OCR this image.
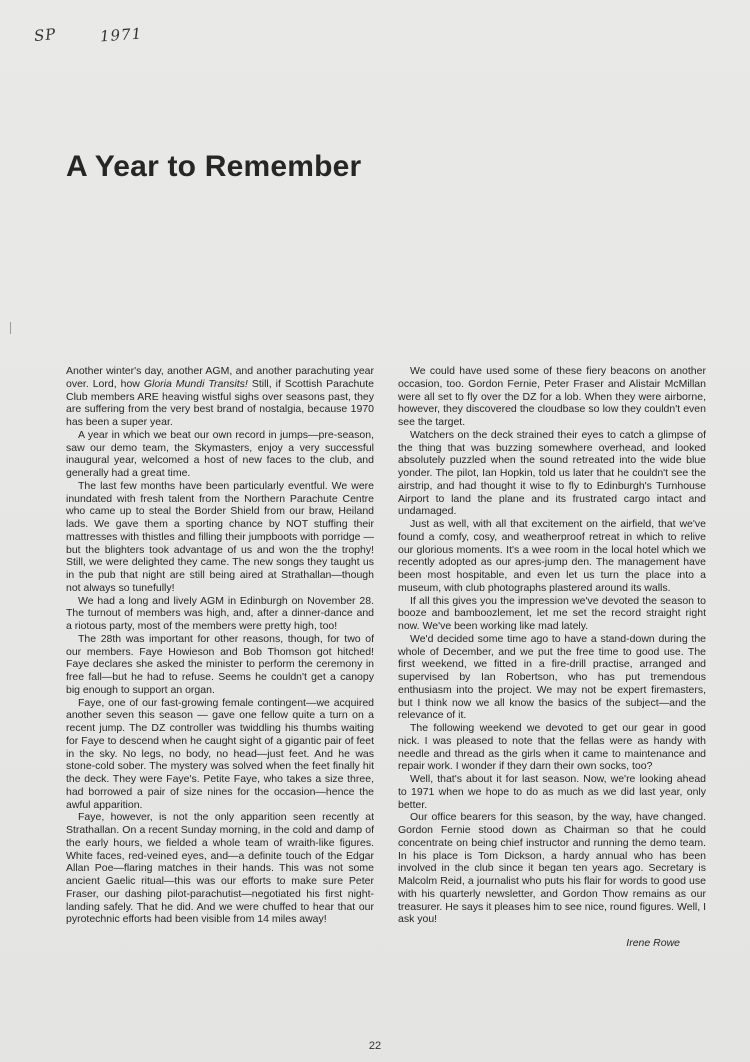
SP	1971
A Year to Remember

Another winter's day, another AGM, and another parachuting year over. Lord, how Gloria Mundi Transits! Still, if Scottish Parachute Club members ARE heaving wistful sighs over seasons past, they are suffering from the very best brand of nostalgia, because 1970 has been a super year.

A year in which we beat our own record in jumps—pre-season, saw our demo team, the Skymasters, enjoy a very successful inaugural year, welcomed a host of new faces to the club, and generally had a great time.

The last few months have been particularly eventful. We were inundated with fresh talent from the Northern Parachute Centre who came up to steal the Border Shield from our braw, Heiland lads. We gave them a sporting chance by NOT stuffing their mattresses with thistles and filling their jumpboots with porridge — but the blighters took advantage of us and won the the trophy! Still, we were delighted they came. The new songs they taught us in the pub that night are still being aired at Strathallan—though not always so tunefully!

We had a long and lively AGM in Edinburgh on November 28. The turnout of members was high, and, after a dinner-dance and a riotous party, most of the members were pretty high, too!

The 28th was important for other reasons, though, for two of our members. Faye Howieson and Bob Thomson got hitched! Faye declares she asked the minister to perform the ceremony in free fall—but he had to refuse. Seems he couldn't get a canopy big enough to support an organ.

Faye, one of our fast-growing female contingent—we acquired another seven this season — gave one fellow quite a turn on a recent jump. The DZ controller was twiddling his thumbs waiting for Faye to descend when he caught sight of a gigantic pair of feet in the sky. No legs, no body, no head—just feet. And he was stone-cold sober. The mystery was solved when the feet finally hit the deck. They were Faye's. Petite Faye, who takes a size three, had borrowed a pair of size nines for the occasion—hence the awful apparition.

Faye, however, is not the only apparition seen recently at Strathallan. On a recent Sunday morning, in the cold and damp of the early hours, we fielded a whole team of wraith-like figures. White faces, red-veined eyes, and—a definite touch of the Edgar Allan Poe—flaring matches in their hands. This was not some ancient Gaelic ritual—this was our efforts to make sure Peter Fraser, our dashing pilot-parachutist—negotiated his first night-landing safely. That he did. And we were chuffed to hear that our pyrotechnic efforts had been visible from 14 miles away!

We could have used some of these fiery beacons on another occasion, too. Gordon Fernie, Peter Fraser and Alistair McMillan were all set to fly over the DZ for a lob. When they were airborne, however, they discovered the cloudbase so low they couldn't even see the target.

Watchers on the deck strained their eyes to catch a glimpse of the thing that was buzzing somewhere overhead, and looked absolutely puzzled when the sound retreated into the wide blue yonder. The pilot, Ian Hopkin, told us later that he couldn't see the airstrip, and had thought it wise to fly to Edinburgh's Turnhouse Airport to land the plane and its frustrated cargo intact and undamaged.

Just as well, with all that excitement on the airfield, that we've found a comfy, cosy, and weatherproof retreat in which to relive our glorious moments. It's a wee room in the local hotel which we recently adopted as our apres-jump den. The management have been most hospitable, and even let us turn the place into a museum, with club photographs plastered around its walls.

If all this gives you the impression we've devoted the season to booze and bamboozlement, let me set the record straight right now. We've been working like mad lately.

We'd decided some time ago to have a stand-down during the whole of December, and we put the free time to good use. The first weekend, we fitted in a fire-drill practise, arranged and supervised by Ian Robertson, who has put tremendous enthusiasm into the project. We may not be expert firemasters, but I think now we all know the basics of the subject—and the relevance of it.

The following weekend we devoted to get our gear in good nick. I was pleased to note that the fellas were as handy with needle and thread as the girls when it came to maintenance and repair work. I wonder if they darn their own socks, too?

Well, that's about it for last season. Now, we're looking ahead to 1971 when we hope to do as much as we did last year, only better.

Our office bearers for this season, by the way, have changed. Gordon Fernie stood down as Chairman so that he could concentrate on being chief instructor and running the demo team. In his place is Tom Dickson, a hardy annual who has been involved in the club since it began ten years ago. Secretary is Malcolm Reid, a journalist who puts his flair for words to good use with his quarterly newsletter, and Gordon Thow remains as our treasurer. He says it pleases him to see nice, round figures. Well, I ask you!

Irene Rowe
22
